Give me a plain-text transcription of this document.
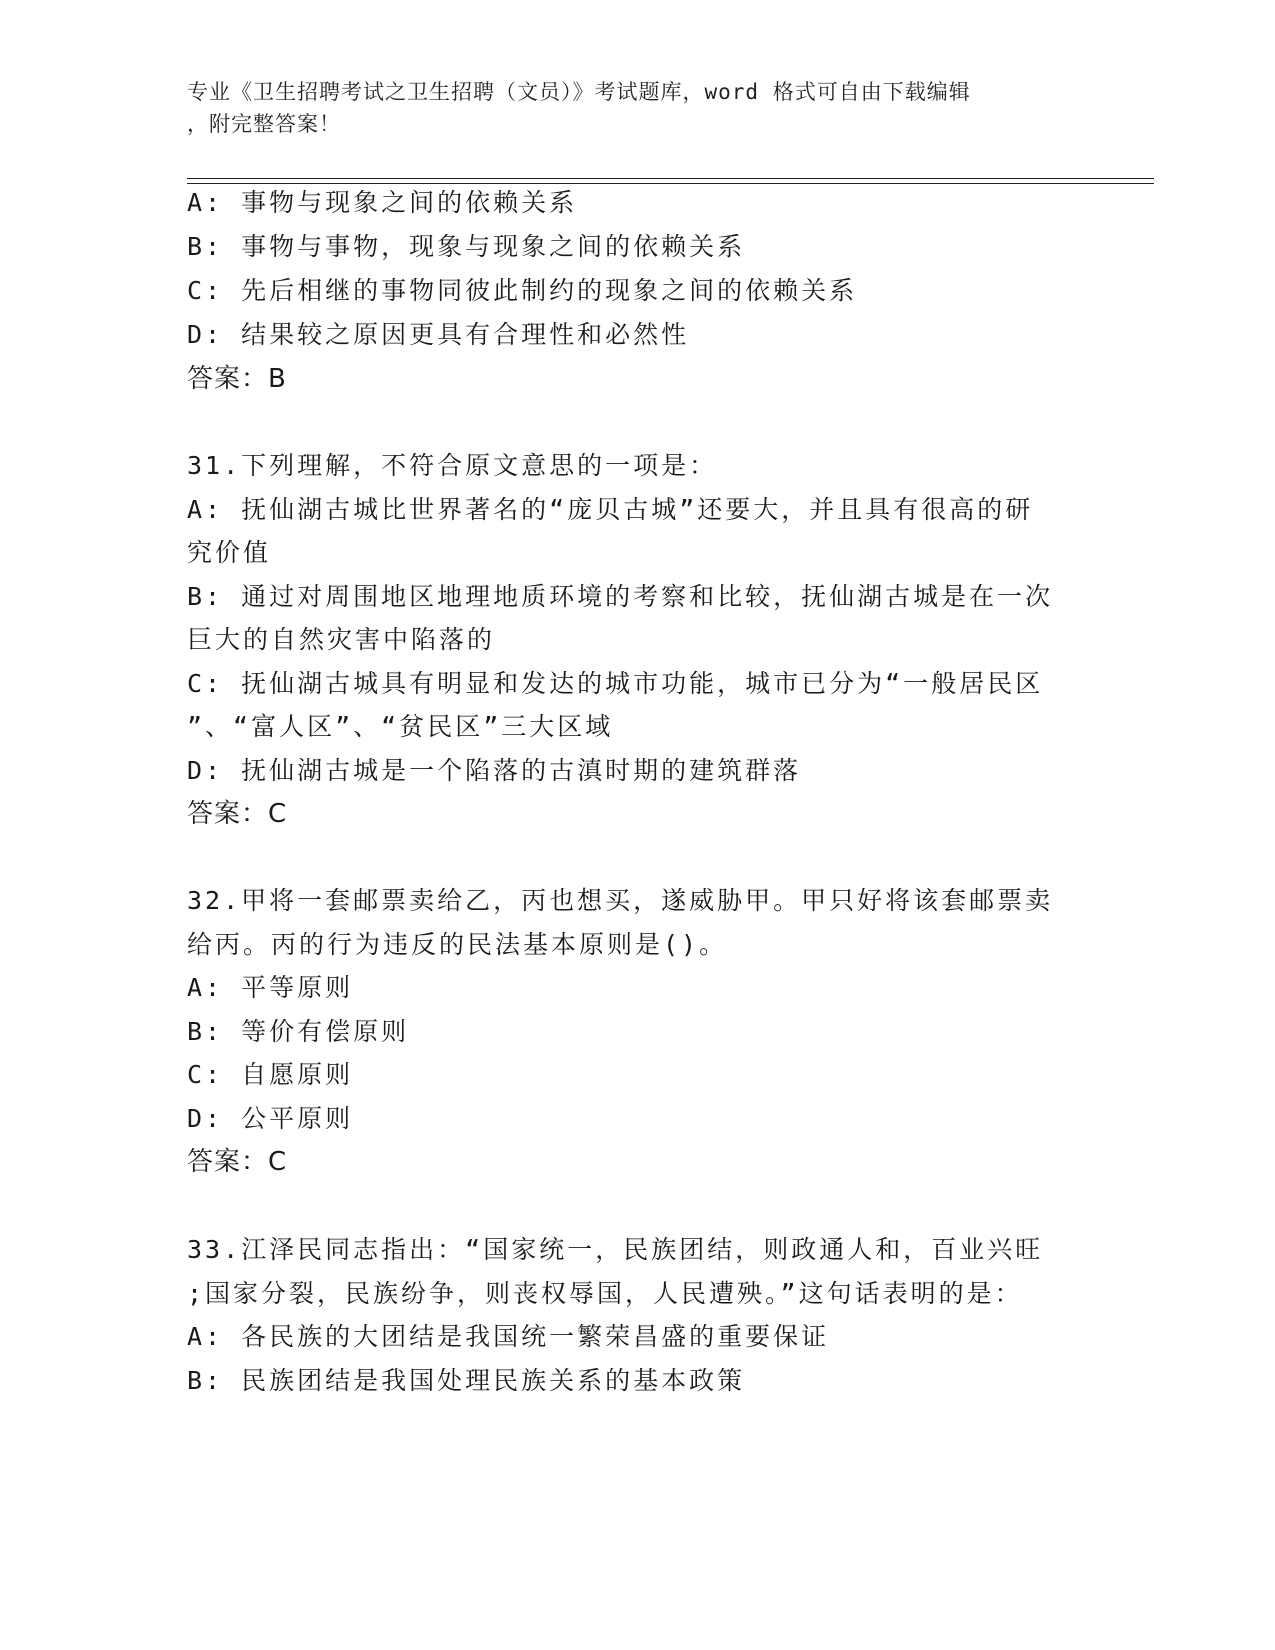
专业《卫生招聘考试之卫生招聘（文员）》考试题库，word 格式可自由下载编辑
，附完整答案！
A: 事物与现象之间的依赖关系
B: 事物与事物，现象与现象之间的依赖关系
C: 先后相继的事物同彼此制约的现象之间的依赖关系
D: 结果较之原因更具有合理性和必然性
答案：B
31.下列理解，不符合原文意思的一项是：
A: 抚仙湖古城比世界著名的“庞贝古城”还要大，并且具有很高的研
究价值
B: 通过对周围地区地理地质环境的考察和比较，抚仙湖古城是在一次
巨大的自然灾害中陷落的
C: 抚仙湖古城具有明显和发达的城市功能，城市已分为“一般居民区
”、“富人区”、“贫民区”三大区域
D: 抚仙湖古城是一个陷落的古滇时期的建筑群落
答案：C
32.甲将一套邮票卖给乙，丙也想买，遂威胁甲。甲只好将该套邮票卖
给丙。丙的行为违反的民法基本原则是()。
A: 平等原则
B: 等价有偿原则
C: 自愿原则
D: 公平原则
答案：C
33.江泽民同志指出：“国家统一，民族团结，则政通人和，百业兴旺
;国家分裂，民族纷争，则丧权辱国，人民遭殃。”这句话表明的是：
A: 各民族的大团结是我国统一繁荣昌盛的重要保证
B: 民族团结是我国处理民族关系的基本政策
